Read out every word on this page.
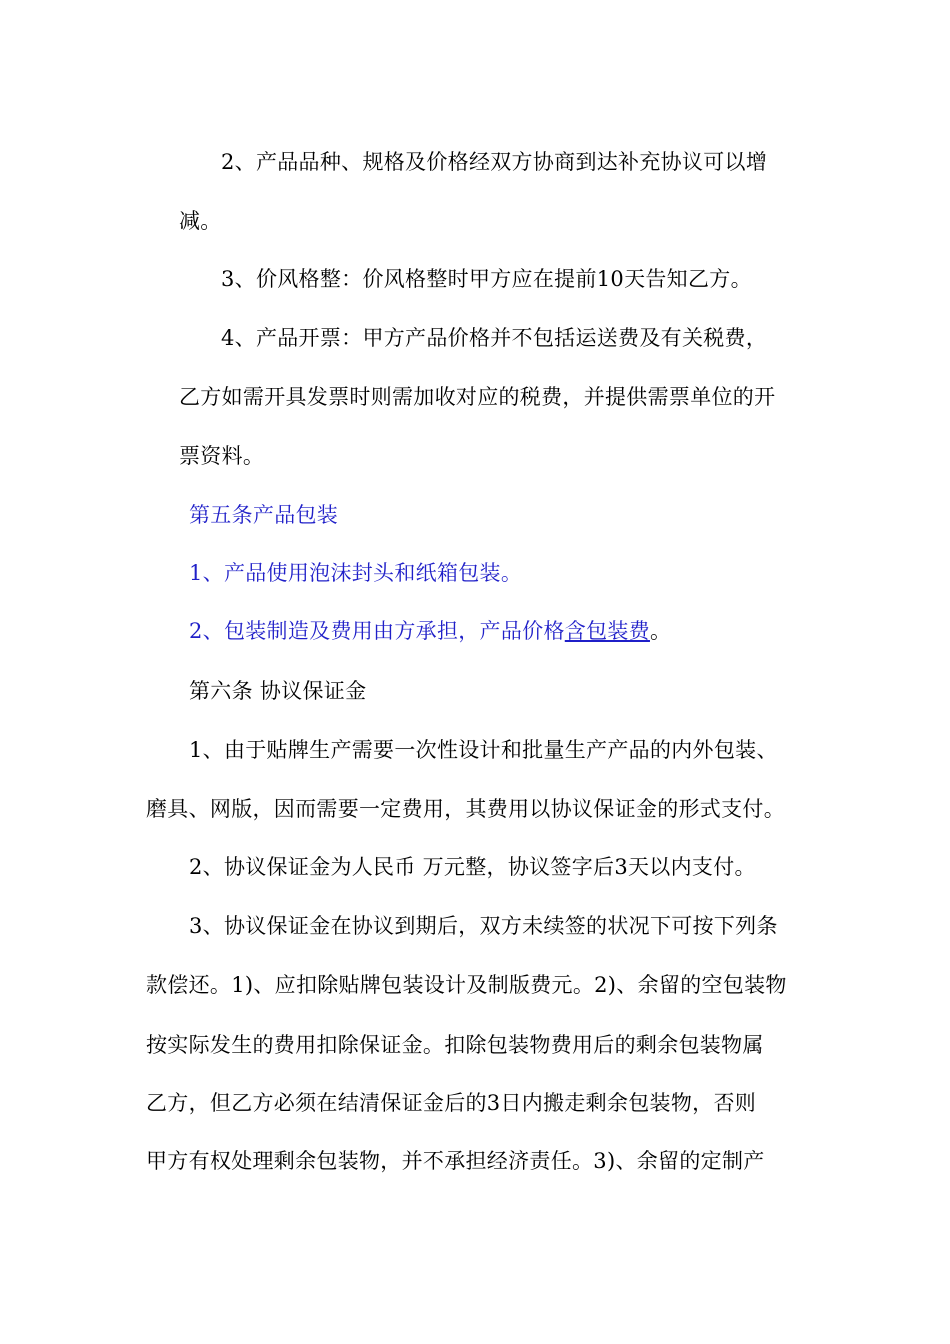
2、产品品种、规格及价格经双方协商到达补充协议可以增
减。
3、价风格整：价风格整时甲方应在提前10天告知乙方。
4、产品开票：甲方产品价格并不包括运送费及有关税费，
乙方如需开具发票时则需加收对应的税费，并提供需票单位的开
票资料。
第五条产品包装
1、产品使用泡沫封头和纸箱包装。
2、包装制造及费用由方承担，产品价格含包装费。
第六条 协议保证金
1、由于贴牌生产需要一次性设计和批量生产产品的内外包装、
磨具、网版，因而需要一定费用，其费用以协议保证金的形式支付。
2、协议保证金为人民币 万元整，协议签字后3天以内支付。
3、协议保证金在协议到期后，双方未续签的状况下可按下列条
款偿还。1)、应扣除贴牌包装设计及制版费元。2)、余留的空包装物
按实际发生的费用扣除保证金。扣除包装物费用后的剩余包装物属
乙方，但乙方必须在结清保证金后的3日内搬走剩余包装物，否则
甲方有权处理剩余包装物，并不承担经济责任。3)、余留的定制产
